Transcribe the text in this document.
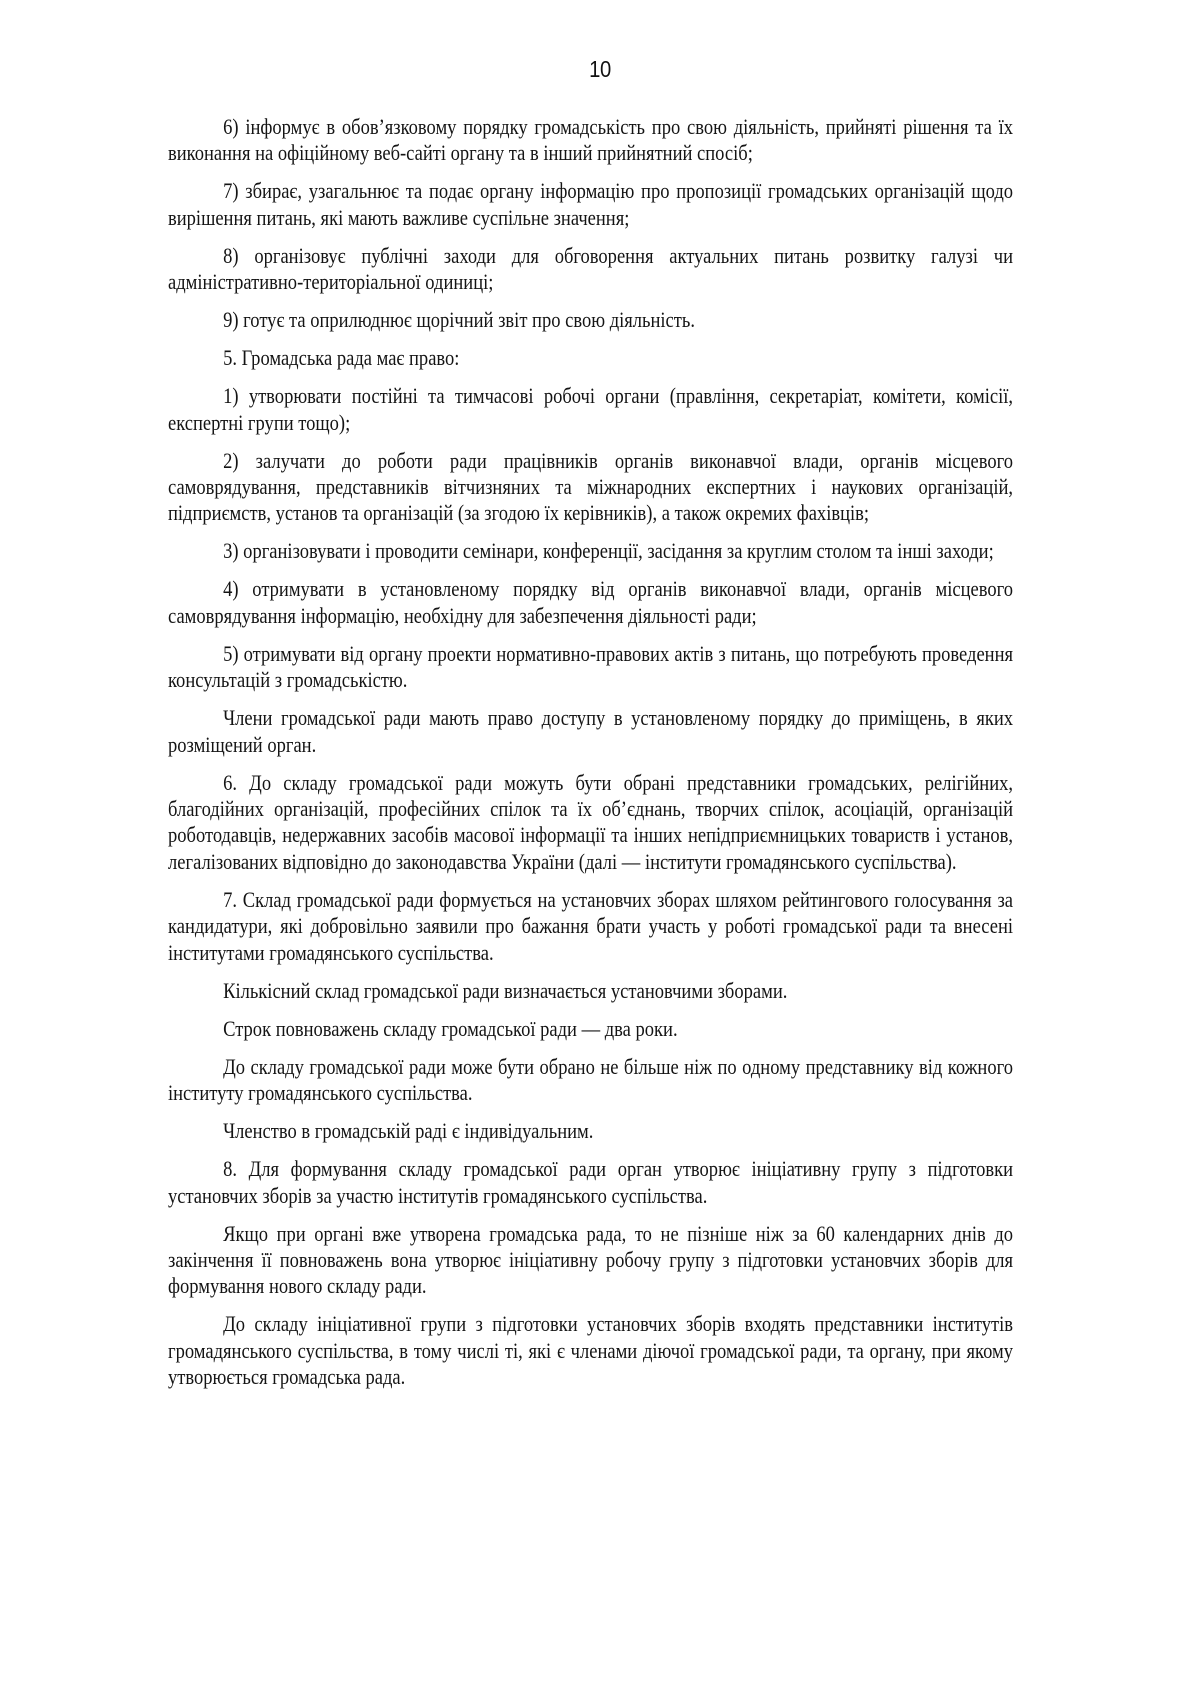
10

6) інформує в обов’язковому порядку громадськість про свою діяльність, прийняті рішення та їх виконання на офіційному веб-сайті органу та в інший прийнятний спосіб;

7) збирає, узагальнює та подає органу інформацію про пропозиції громадських організацій щодо вирішення питань, які мають важливе суспільне значення;

8) організовує публічні заходи для обговорення актуальних питань розвитку галузі чи адміністративно-територіальної одиниці;

9) готує та оприлюднює щорічний звіт про свою діяльність.

5. Громадська рада має право:

1) утворювати постійні та тимчасові робочі органи (правління, секретаріат, комітети, комісії, експертні групи тощо);

2) залучати до роботи ради працівників органів виконавчої влади, органів місцевого самоврядування, представників вітчизняних та міжнародних експертних і наукових організацій, підприємств, установ та організацій (за згодою їх керівників), а також окремих фахівців;

3) організовувати і проводити семінари, конференції, засідання за круглим столом та інші заходи;

4) отримувати в установленому порядку від органів виконавчої влади, органів місцевого самоврядування інформацію, необхідну для забезпечення діяльності ради;

5) отримувати від органу проекти нормативно-правових актів з питань, що потребують проведення консультацій з громадськістю.

Члени громадської ради мають право доступу в установленому порядку до приміщень, в яких розміщений орган.

6. До складу громадської ради можуть бути обрані представники громадських, релігійних, благодійних організацій, професійних спілок та їх об’єднань, творчих спілок, асоціацій, організацій роботодавців, недержавних засобів масової інформації та інших непідприємницьких товариств і установ, легалізованих відповідно до законодавства України (далі — інститути громадянського суспільства).

7. Склад громадської ради формується на установчих зборах шляхом рейтингового голосування за кандидатури, які добровільно заявили про бажання брати участь у роботі громадської ради та внесені інститутами громадянського суспільства.

Кількісний склад громадської ради визначається установчими зборами.

Строк повноважень складу громадської ради — два роки.

До складу громадської ради може бути обрано не більше ніж по одному представнику від кожного інституту громадянського суспільства.

Членство в громадській раді є індивідуальним.

8. Для формування складу громадської ради орган утворює ініціативну групу з підготовки установчих зборів за участю інститутів громадянського суспільства.

Якщо при органі вже утворена громадська рада, то не пізніше ніж за 60 календарних днів до закінчення її повноважень вона утворює ініціативну робочу групу з підготовки установчих зборів для формування нового складу ради.

До складу ініціативної групи з підготовки установчих зборів входять представники інститутів громадянського суспільства, в тому числі ті, які є членами діючої громадської ради, та органу, при якому утворюється громадська рада.
